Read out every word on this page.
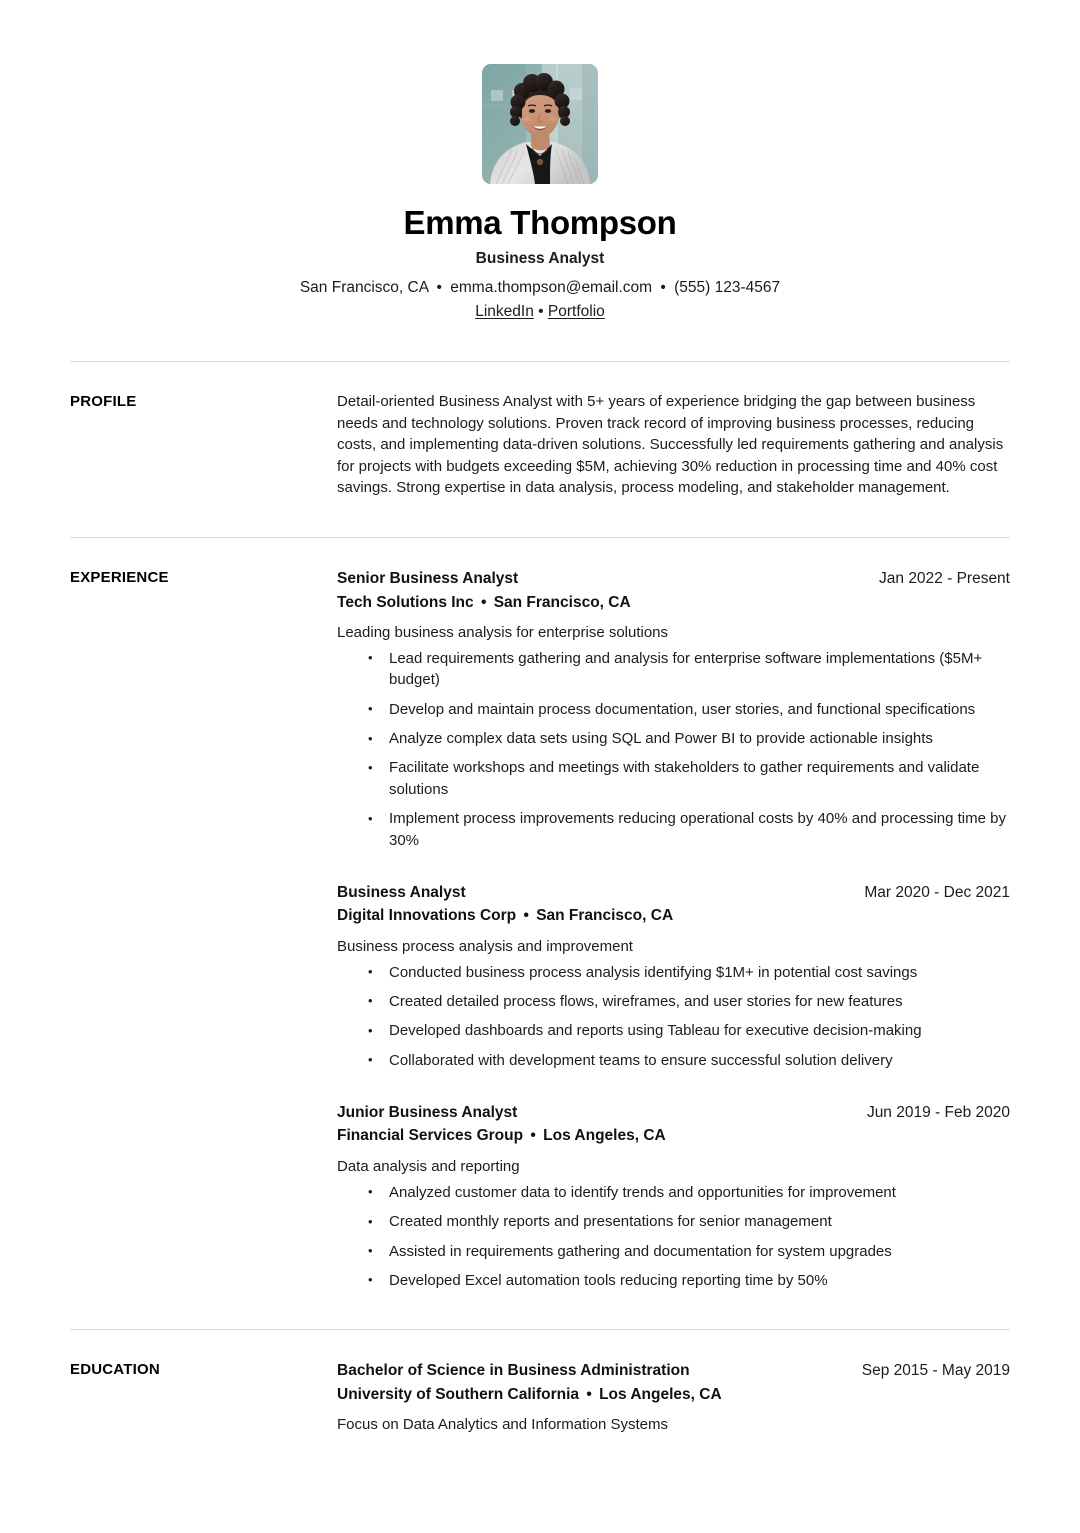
Emma Thompson
Business Analyst
San Francisco, CA • emma.thompson@email.com • (555) 123-4567
LinkedIn • Portfolio
PROFILE	Detail-oriented Business Analyst with 5+ years of experience bridging the gap between business needs and technology solutions. Proven track record of improving business processes, reducing costs, and implementing data-driven solutions. Successfully led requirements gathering and analysis for projects with budgets exceeding $5M, achieving 30% reduction in processing time and 40% cost savings. Strong expertise in data analysis, process modeling, and stakeholder management.

EXPERIENCE	Senior Business Analyst	Jan 2022 - Present
Tech Solutions Inc • San Francisco, CA
Leading business analysis for enterprise solutions
• Lead requirements gathering and analysis for enterprise software implementations ($5M+ budget)
• Develop and maintain process documentation, user stories, and functional specifications
• Analyze complex data sets using SQL and Power BI to provide actionable insights
• Facilitate workshops and meetings with stakeholders to gather requirements and validate solutions
• Implement process improvements reducing operational costs by 40% and processing time by 30%
Business Analyst	Mar 2020 - Dec 2021
Digital Innovations Corp • San Francisco, CA
Business process analysis and improvement
• Conducted business process analysis identifying $1M+ in potential cost savings
• Created detailed process flows, wireframes, and user stories for new features
• Developed dashboards and reports using Tableau for executive decision-making
• Collaborated with development teams to ensure successful solution delivery
Junior Business Analyst	Jun 2019 - Feb 2020
Financial Services Group • Los Angeles, CA
Data analysis and reporting
• Analyzed customer data to identify trends and opportunities for improvement
• Created monthly reports and presentations for senior management
• Assisted in requirements gathering and documentation for system upgrades
• Developed Excel automation tools reducing reporting time by 50%
EDUCATION	Bachelor of Science in Business Administration	Sep 2015 - May 2019
University of Southern California • Los Angeles, CA
Focus on Data Analytics and Information Systems
